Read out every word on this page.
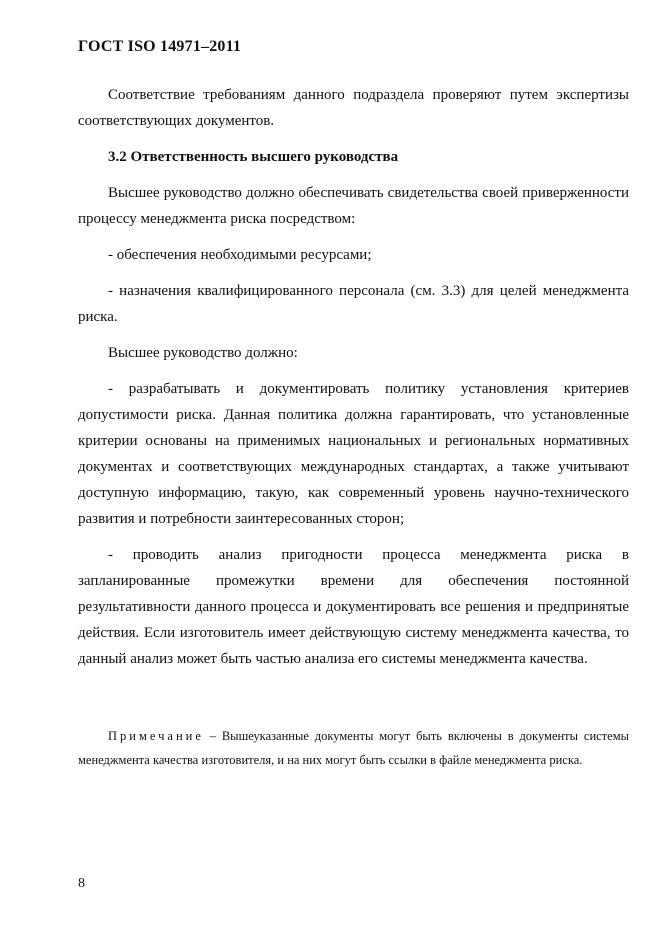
ГОСТ ISO 14971–2011

Соответствие требованиям данного подраздела проверяют путем экспертизы соответствующих документов.

3.2 Ответственность высшего руководства

Высшее руководство должно обеспечивать свидетельства своей приверженности процессу менеджмента риска посредством:

- обеспечения необходимыми ресурсами;

- назначения квалифицированного персонала (см. 3.3) для целей менеджмента риска.

Высшее руководство должно:

- разрабатывать и документировать политику установления критериев допустимости риска. Данная политика должна гарантировать, что установленные критерии основаны на применимых национальных и региональных нормативных документах и соответствующих международных стандартах, а также учитывают доступную информацию, такую, как современный уровень научно-технического развития и потребности заинтересованных сторон;

- проводить анализ пригодности процесса менеджмента риска в запланированные промежутки времени для обеспечения постоянной результативности данного процесса и документировать все решения и предпринятые действия. Если изготовитель имеет действующую систему менеджмента качества, то данный анализ может быть частью анализа его системы менеджмента качества.

Примечание – Вышеуказанные документы могут быть включены в документы системы менеджмента качества изготовителя, и на них могут быть ссылки в файле менеджмента риска.

8
